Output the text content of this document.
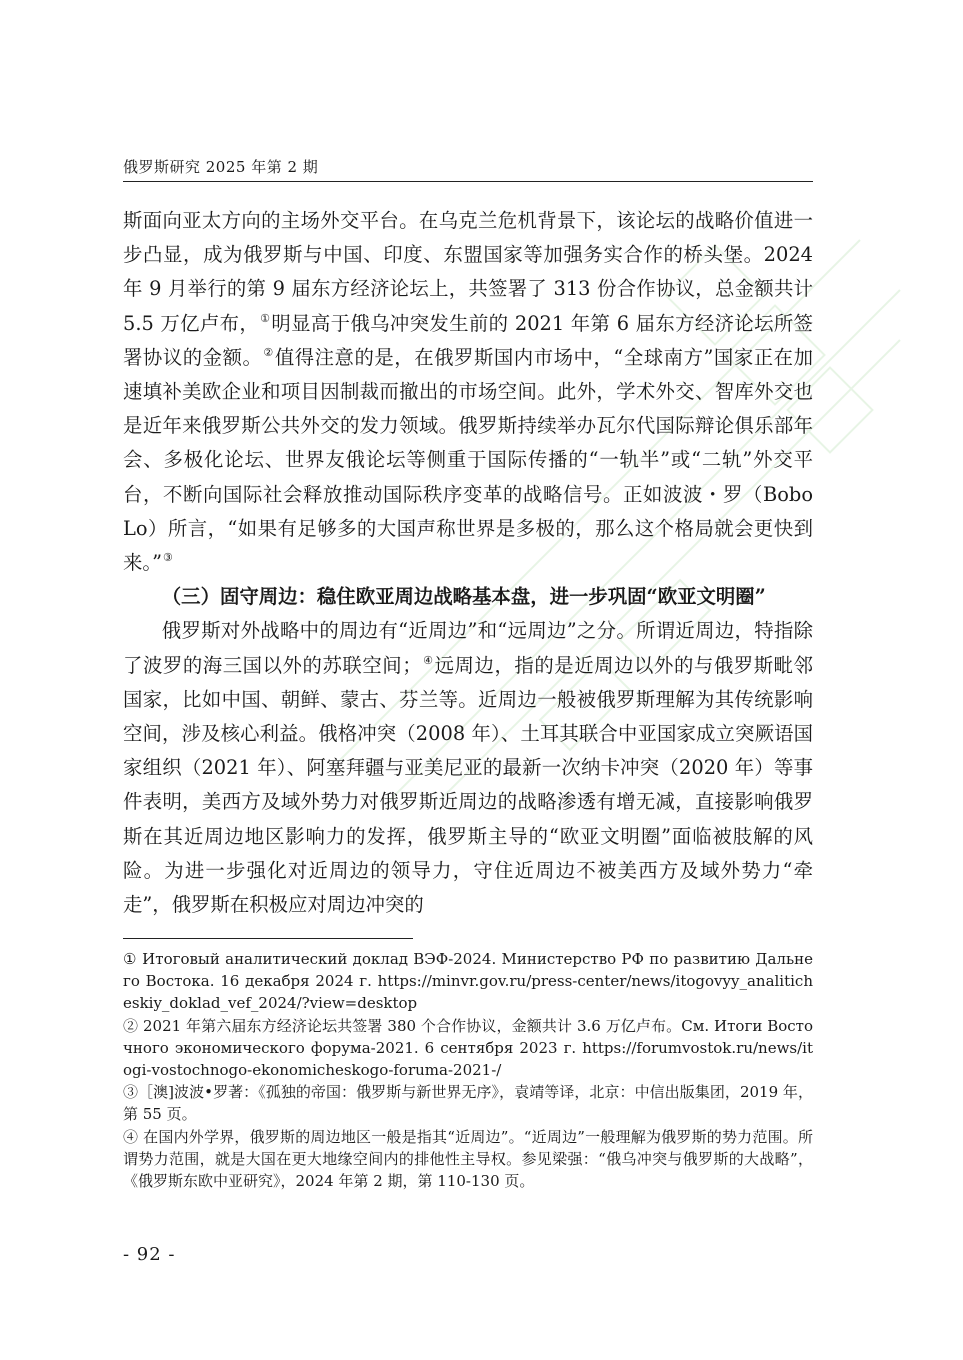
俄罗斯研究 2025 年第 2 期

斯面向亚太方向的主场外交平台。在乌克兰危机背景下，该论坛的战略价值进一步凸显，成为俄罗斯与中国、印度、东盟国家等加强务实合作的桥头堡。2024 年 9 月举行的第 9 届东方经济论坛上，共签署了 313 份合作协议，总金额共计 5.5 万亿卢布，①明显高于俄乌冲突发生前的 2021 年第 6 届东方经济论坛所签署协议的金额。②值得注意的是，在俄罗斯国内市场中，“全球南方”国家正在加速填补美欧企业和项目因制裁而撤出的市场空间。此外，学术外交、智库外交也是近年来俄罗斯公共外交的发力领域。俄罗斯持续举办瓦尔代国际辩论俱乐部年会、多极化论坛、世界友俄论坛等侧重于国际传播的“一轨半”或“二轨”外交平台，不断向国际社会释放推动国际秩序变革的战略信号。正如波波・罗（Bobo Lo）所言，“如果有足够多的大国声称世界是多极的，那么这个格局就会更快到来。”③

（三）固守周边：稳住欧亚周边战略基本盘，进一步巩固“欧亚文明圈”

俄罗斯对外战略中的周边有“近周边”和“远周边”之分。所谓近周边，特指除了波罗的海三国以外的苏联空间；④远周边，指的是近周边以外的与俄罗斯毗邻国家，比如中国、朝鲜、蒙古、芬兰等。近周边一般被俄罗斯理解为其传统影响空间，涉及核心利益。俄格冲突（2008 年）、土耳其联合中亚国家成立突厥语国家组织（2021 年）、阿塞拜疆与亚美尼亚的最新一次纳卡冲突（2020 年）等事件表明，美西方及域外势力对俄罗斯近周边的战略渗透有增无减，直接影响俄罗斯在其近周边地区影响力的发挥，俄罗斯主导的“欧亚文明圈”面临被肢解的风险。为进一步强化对近周边的领导力，守住近周边不被美西方及域外势力“牵走”，俄罗斯在积极应对周边冲突的

① Итоговый аналитический доклад ВЭФ-2024. Министерство РФ по развитию Дальнего Востока. 16 декабря 2024 г. https://minvr.gov.ru/press-center/news/itogovyy_analiticheskiy_doklad_vef_2024/?view=desktop

② 2021 年第六届东方经济论坛共签署 380 个合作协议，金额共计 3.6 万亿卢布。См. Итоги Восточного экономического форума-2021. 6 сентября 2023 г. https://forumvostok.ru/news/itogi-vostochnogo-ekonomicheskogo-foruma-2021-/

③［澳]波波•罗著：《孤独的帝国：俄罗斯与新世界无序》，袁靖等译，北京：中信出版集团，2019 年，第 55 页。

④ 在国内外学界，俄罗斯的周边地区一般是指其“近周边”。“近周边”一般理解为俄罗斯的势力范围。所谓势力范围，就是大国在更大地缘空间内的排他性主导权。参见梁强：“俄乌冲突与俄罗斯的大战略”，《俄罗斯东欧中亚研究》，2024 年第 2 期，第 110-130 页。

- 92 -
